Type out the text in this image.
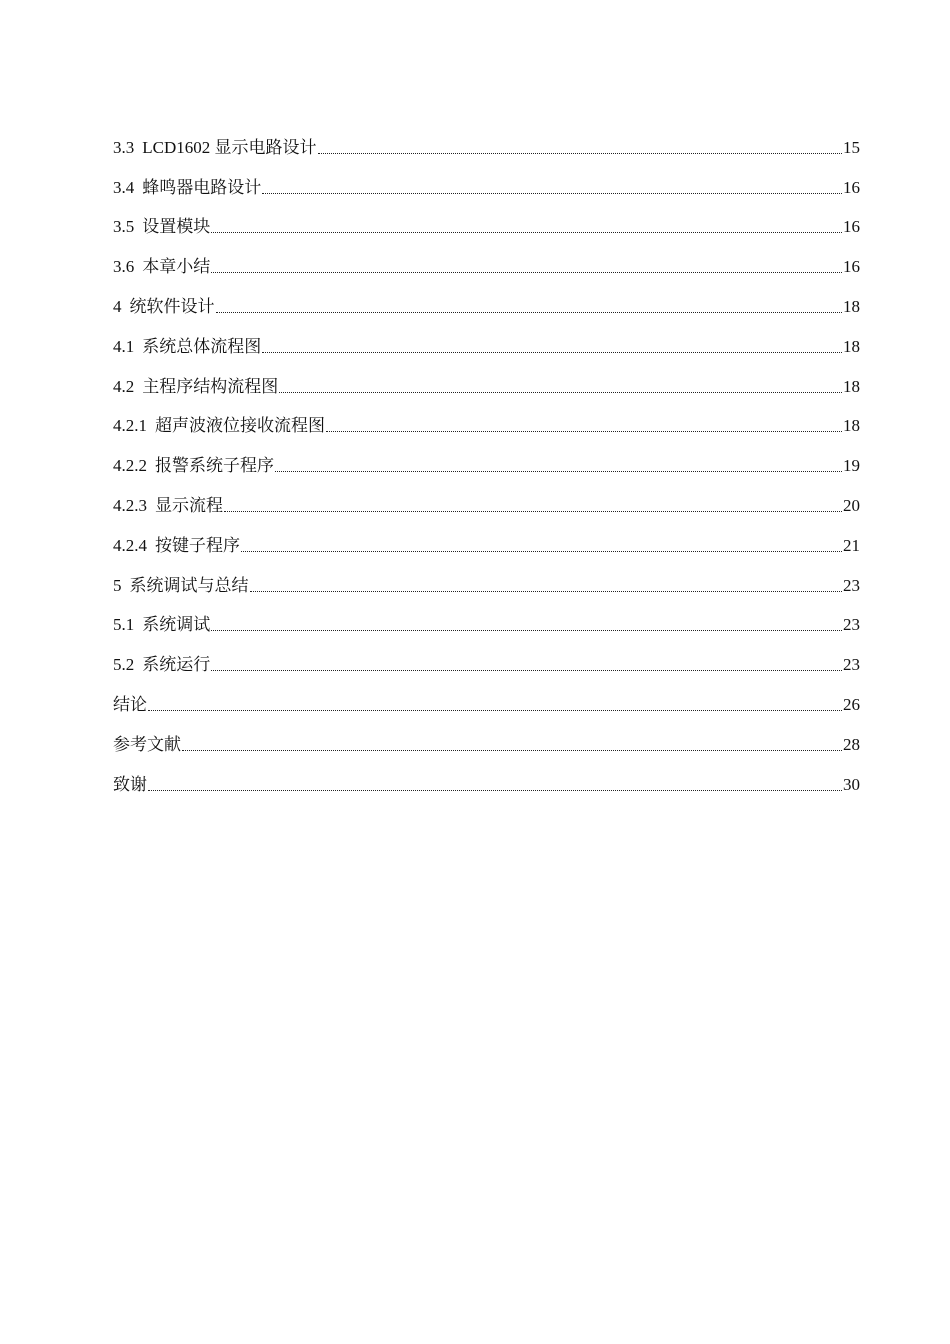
3.3 LCD1602 显示电路设计	15
3.4 蜂鸣器电路设计	16
3.5 设置模块	16
3.6 本章小结	16
4 统软件设计	18
4.1 系统总体流程图	18
4.2 主程序结构流程图	18
4.2.1 超声波液位接收流程图	18
4.2.2 报警系统子程序	19
4.2.3 显示流程	20
4.2.4 按键子程序	21
5 系统调试与总结	23
5.1 系统调试	23
5.2 系统运行	23
结论	26
参考文献	28
致谢	30
